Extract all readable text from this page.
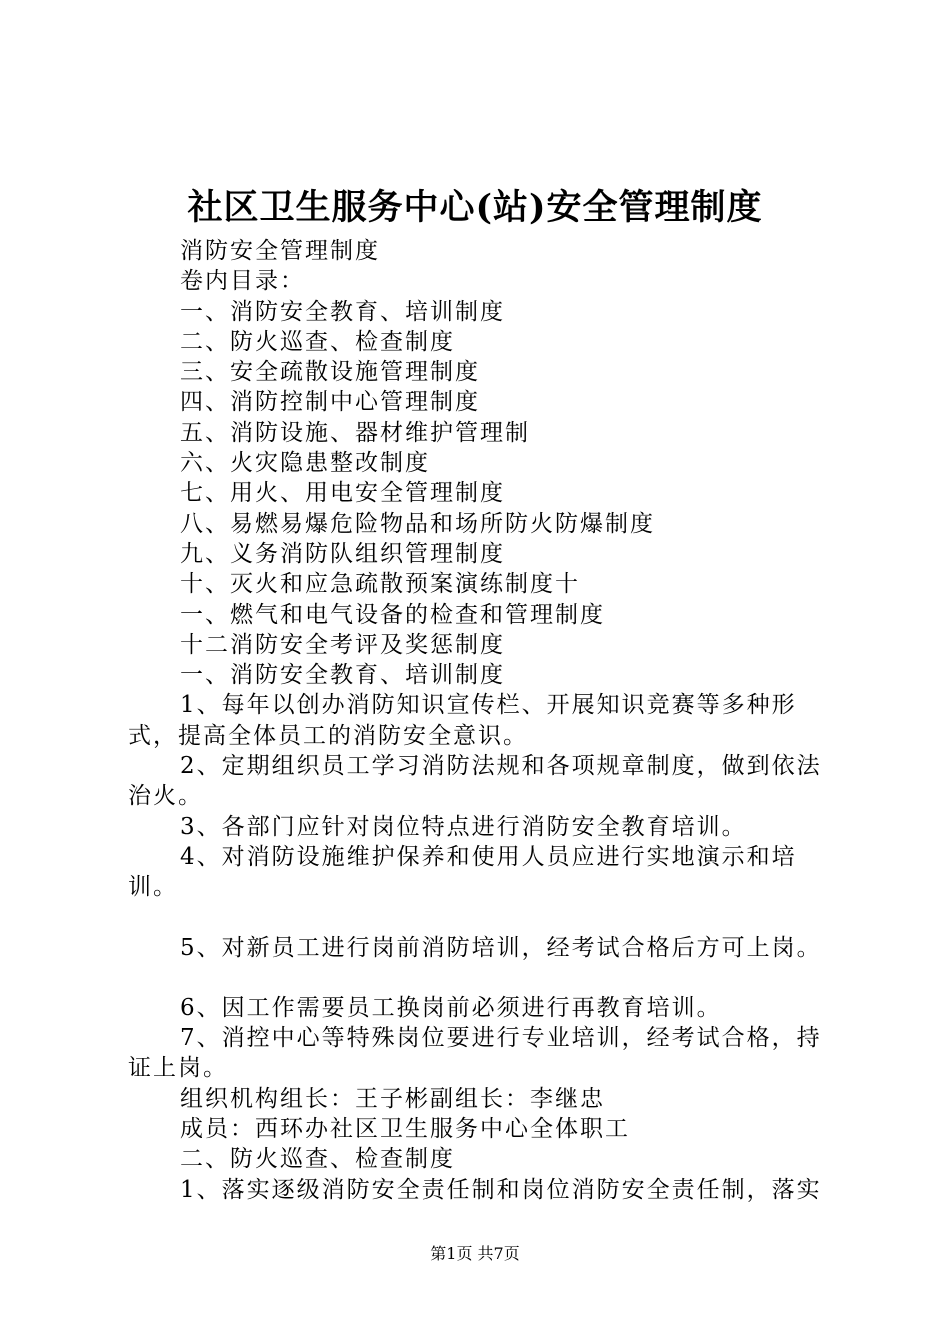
社区卫生服务中心(站)安全管理制度

消防安全管理制度

卷内目录：

一、消防安全教育、培训制度

二、防火巡查、检查制度

三、安全疏散设施管理制度

四、消防控制中心管理制度

五、消防设施、器材维护管理制

六、火灾隐患整改制度

七、用火、用电安全管理制度

八、易燃易爆危险物品和场所防火防爆制度

九、义务消防队组织管理制度

十、灭火和应急疏散预案演练制度十

一、燃气和电气设备的检查和管理制度

十二消防安全考评及奖惩制度

一、消防安全教育、培训制度

1、每年以创办消防知识宣传栏、开展知识竞赛等多种形式，提高全体员工的消防安全意识。

2、定期组织员工学习消防法规和各项规章制度，做到依法治火。

3、各部门应针对岗位特点进行消防安全教育培训。

4、对消防设施维护保养和使用人员应进行实地演示和培训。

5、对新员工进行岗前消防培训，经考试合格后方可上岗。

6、因工作需要员工换岗前必须进行再教育培训。

7、消控中心等特殊岗位要进行专业培训，经考试合格，持证上岗。

组织机构组长：王子彬副组长：李继忠

成员：西环办社区卫生服务中心全体职工

二、防火巡查、检查制度

1、落实逐级消防安全责任制和岗位消防安全责任制，落实

第1页 共7页
